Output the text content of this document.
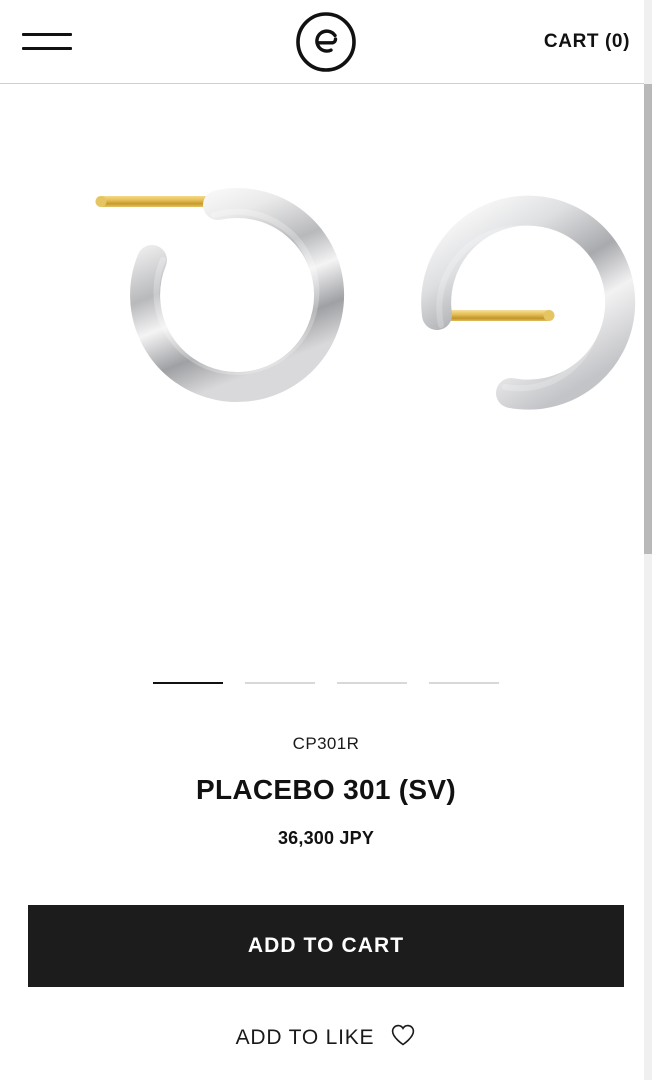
CART (0)
CP301R
PLACEBO 301 (SV)
36,300 JPY
ADD TO CART
ADD TO LIKE
